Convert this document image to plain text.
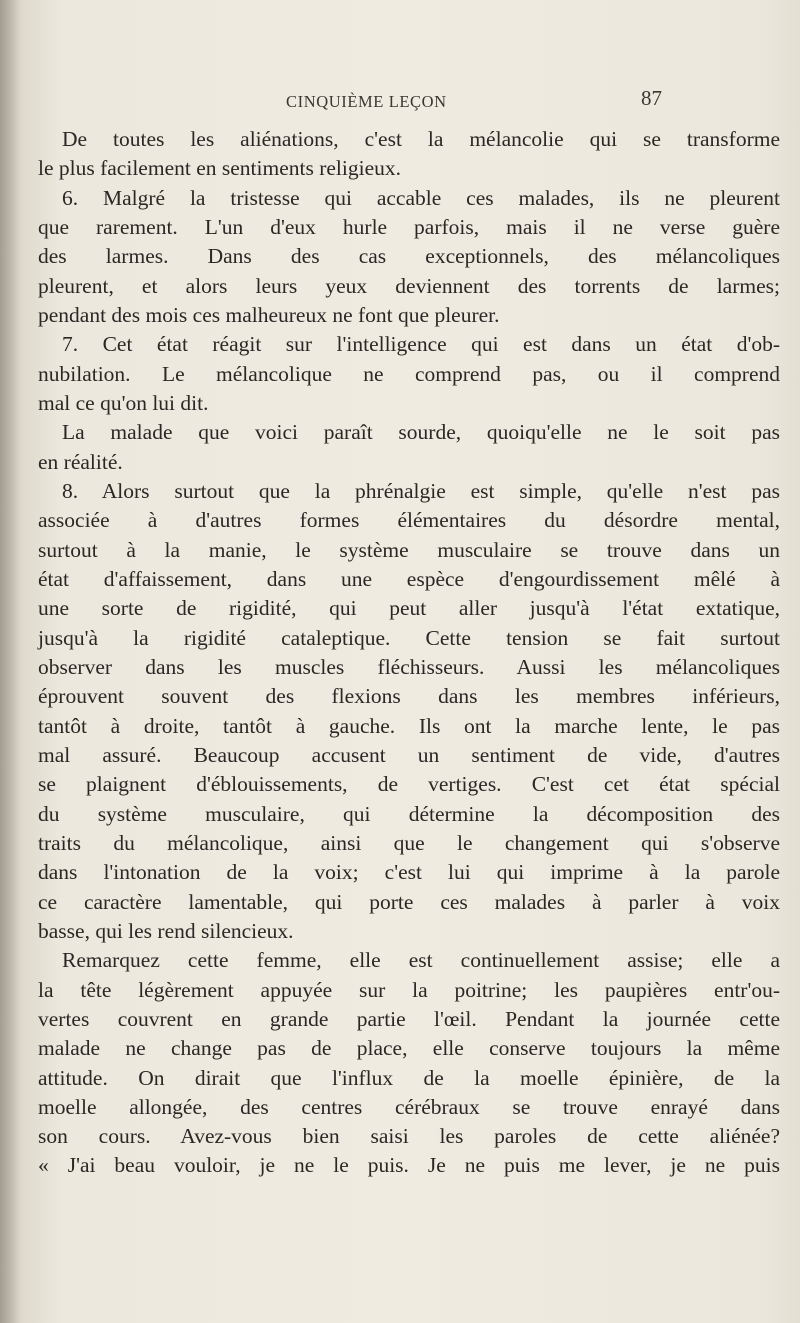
CINQUIÈME LEÇON	87
De toutes les aliénations, c'est la mélancolie qui se transforme
le plus facilement en sentiments religieux.
6. Malgré la tristesse qui accable ces malades, ils ne pleurent
que rarement. L'un d'eux hurle parfois, mais il ne verse guère
des larmes. Dans des cas exceptionnels, des mélancoliques
pleurent, et alors leurs yeux deviennent des torrents de larmes;
pendant des mois ces malheureux ne font que pleurer.
7. Cet état réagit sur l'intelligence qui est dans un état d'ob-
nubilation. Le mélancolique ne comprend pas, ou il comprend
mal ce qu'on lui dit.
La malade que voici paraît sourde, quoiqu'elle ne le soit pas
en réalité.
8. Alors surtout que la phrénalgie est simple, qu'elle n'est pas
associée à d'autres formes élémentaires du désordre mental,
surtout à la manie, le système musculaire se trouve dans un
état d'affaissement, dans une espèce d'engourdissement mêlé à
une sorte de rigidité, qui peut aller jusqu'à l'état extatique,
jusqu'à la rigidité cataleptique. Cette tension se fait surtout
observer dans les muscles fléchisseurs. Aussi les mélancoliques
éprouvent souvent des flexions dans les membres inférieurs,
tantôt à droite, tantôt à gauche. Ils ont la marche lente, le pas
mal assuré. Beaucoup accusent un sentiment de vide, d'autres
se plaignent d'éblouissements, de vertiges. C'est cet état spécial
du système musculaire, qui détermine la décomposition des
traits du mélancolique, ainsi que le changement qui s'observe
dans l'intonation de la voix; c'est lui qui imprime à la parole
ce caractère lamentable, qui porte ces malades à parler à voix
basse, qui les rend silencieux.
Remarquez cette femme, elle est continuellement assise; elle a
la tête légèrement appuyée sur la poitrine; les paupières entr'ou-
vertes couvrent en grande partie l'œil. Pendant la journée cette
malade ne change pas de place, elle conserve toujours la même
attitude. On dirait que l'influx de la moelle épinière, de la
moelle allongée, des centres cérébraux se trouve enrayé dans
son cours. Avez-vous bien saisi les paroles de cette aliénée?
« J'ai beau vouloir, je ne le puis. Je ne puis me lever, je ne puis
